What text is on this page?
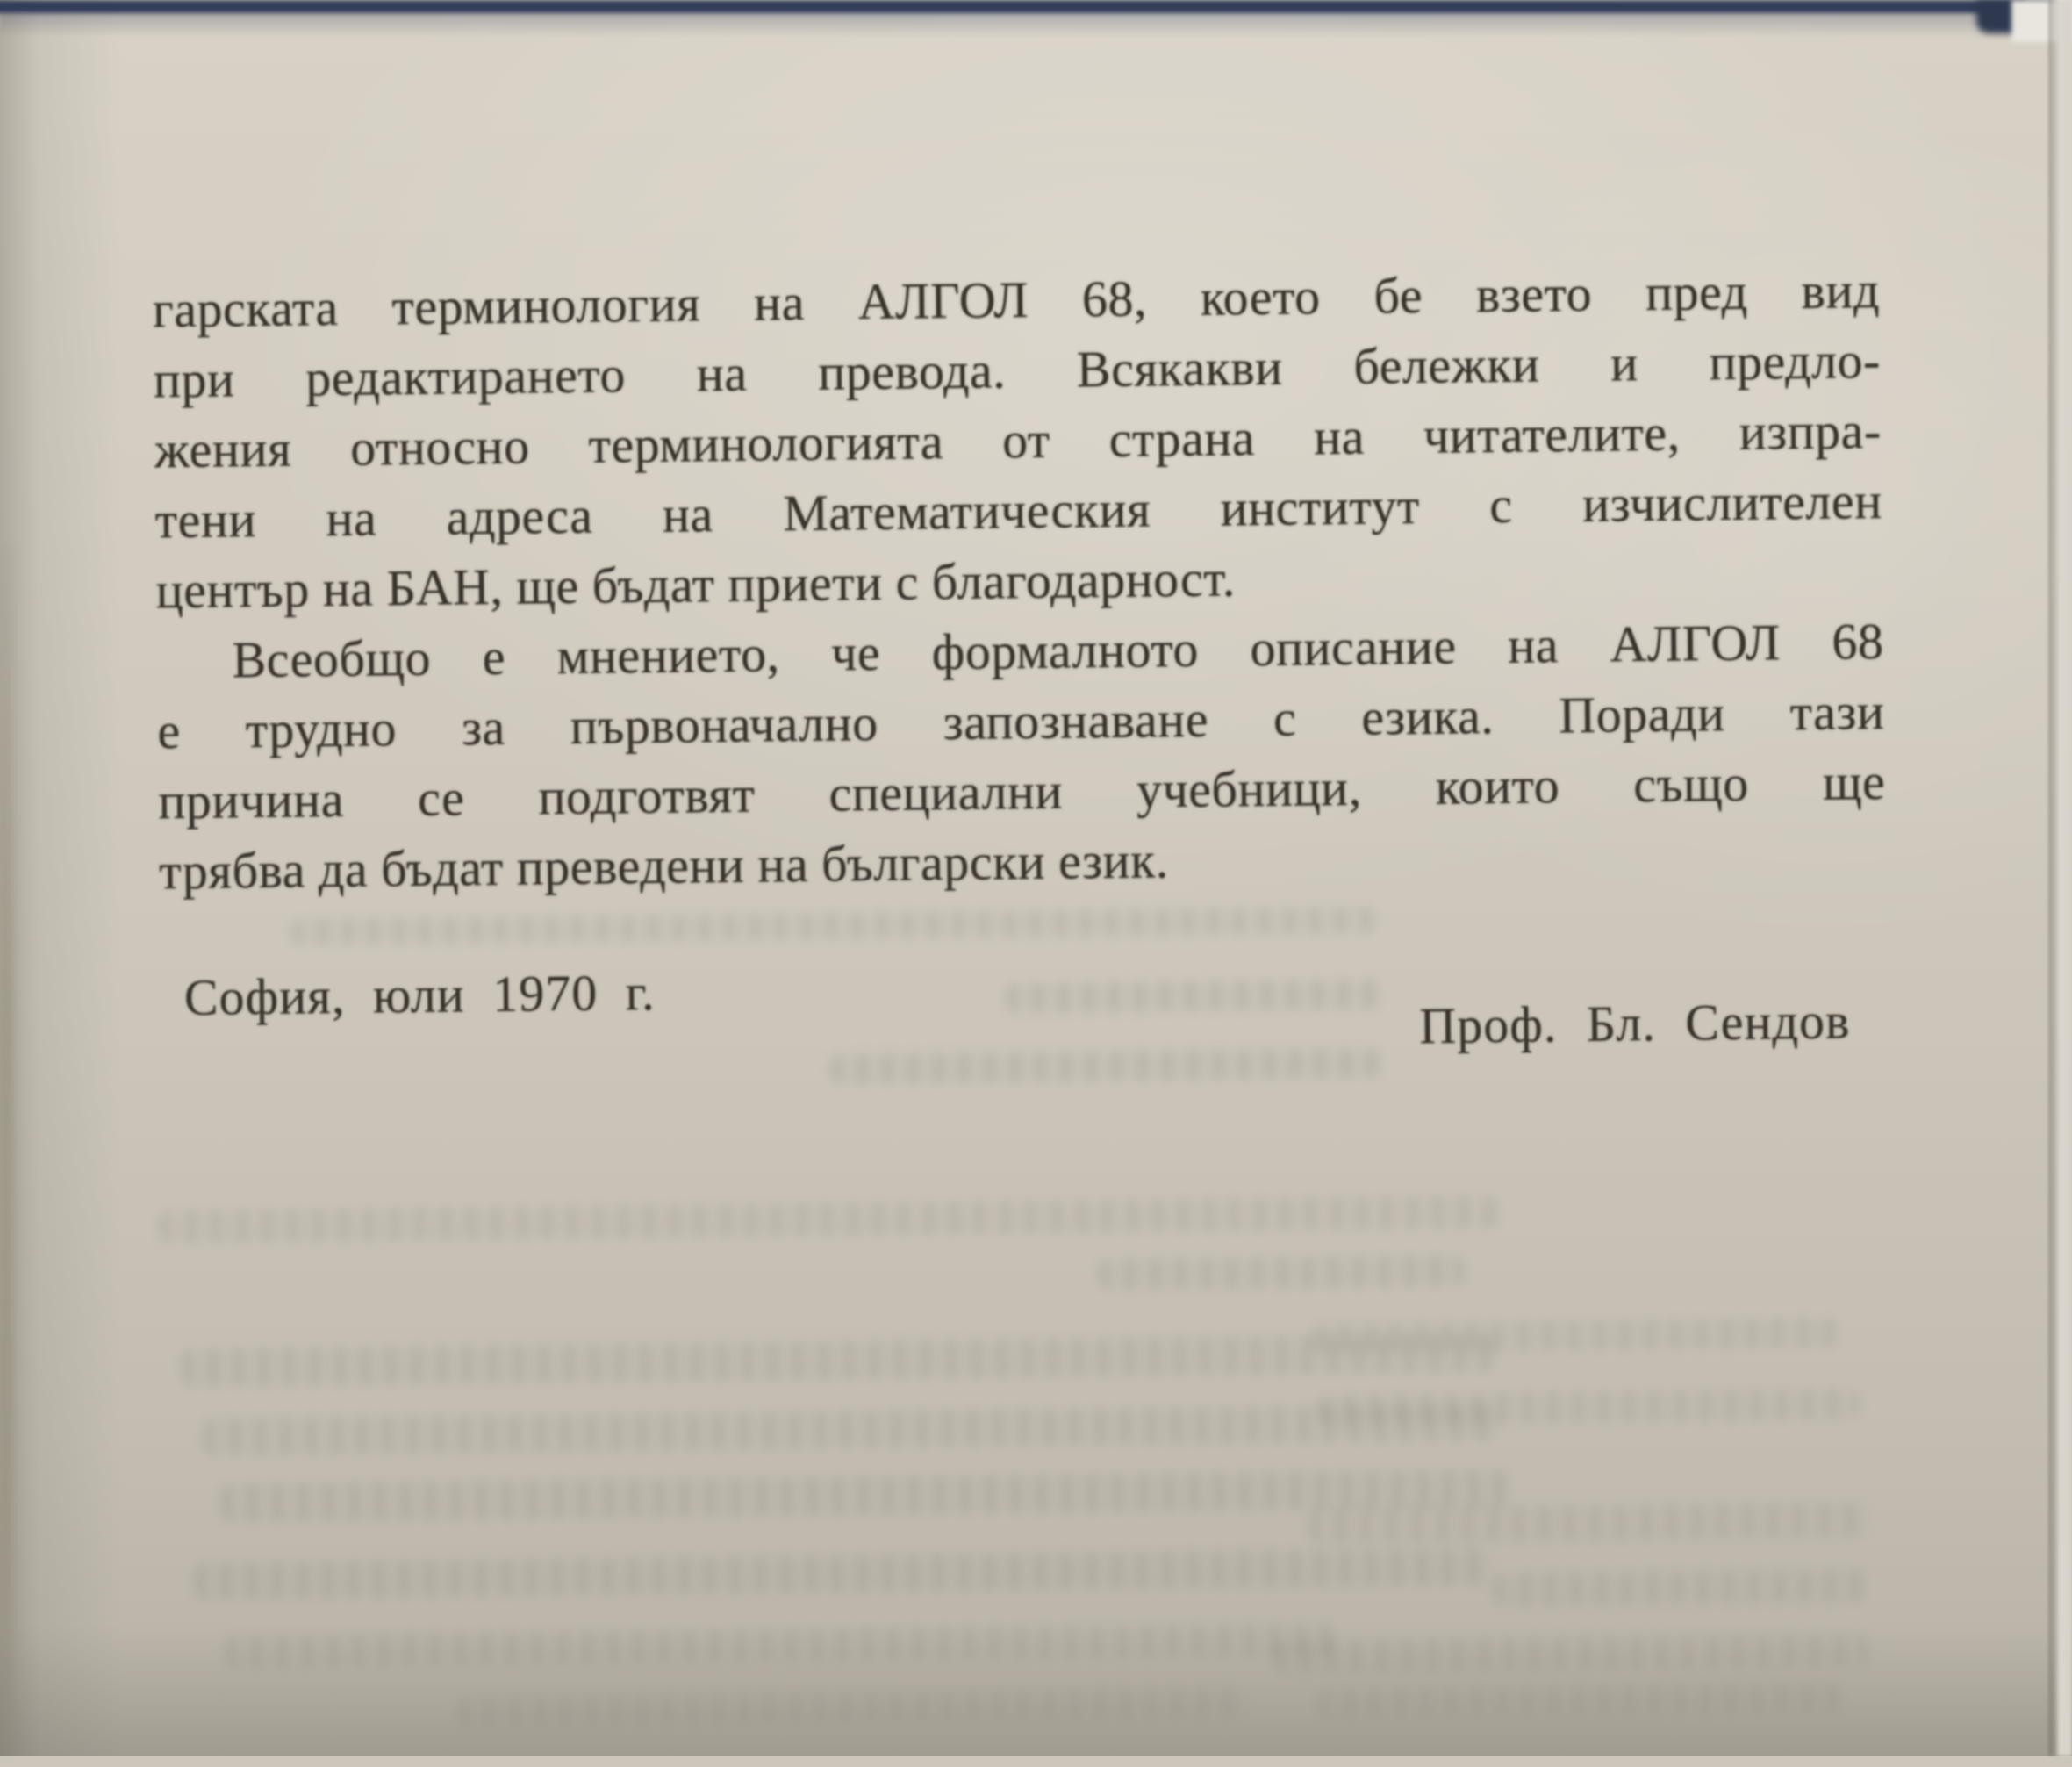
гарската терминология на АЛГОЛ 68, което бе взето пред вид
при редактирането на превода. Всякакви бележки и предло-
жения относно терминологията от страна на читателите, изпра-
тени на адреса на Математическия институт с изчислителен
център на БАН, ще бъдат приети с благодарност.
Всеобщо е мнението, че формалното описание на АЛГОЛ 68
е трудно за първоначално запознаване с езика. Поради тази
причина се подготвят специални учебници, които също ще
трябва да бъдат преведени на български език.
София, юли 1970 г.	Проф. Бл. Сендов
